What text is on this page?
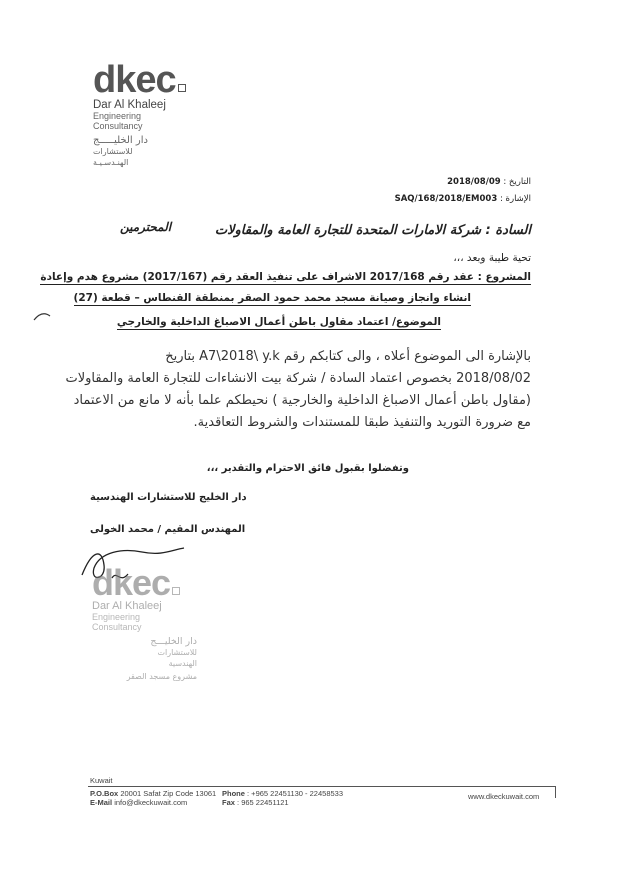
dkec
Dar Al Khaleej
Engineering
Consultancy
دار الخليـــــج
للاستشارات
الهنـدسـيـة
التاريخ : 2018/08/09
الإشارة : SAQ/168/2018/EM003
السادة : شركة الامارات المتحدة للتجارة العامة والمقاولات
المحترمين
تحية طيبة وبعد ،،،
المشروع : عقد رقم 2017/168 الاشراف على تنفيذ العقد رقم (2017/167) مشروع هدم وإعادة
انشاء وانجاز وصيانة مسجد محمد حمود الصقر بمنطقة القنطاس – قطعة (27)
الموضوع/ اعتماد مقاول باطن أعمال الاصباغ الداخلية والخارجي
بالإشارة الى الموضوع أعلاه ، والى كتابكم رقم A7\2018\ y.k بتاريخ
2018/08/02 بخصوص اعتماد السادة / شركة بيت الانشاءات للتجارة العامة والمقاولات
(مقاول باطن أعمال الاصباغ الداخلية والخارجية ) نحيطكم علما بأنه لا مانع من الاعتماد
مع ضرورة التوريد والتنفيذ طبقا للمستندات والشروط التعاقدية.
وتفضلوا بقبول فائق الاحترام والتقدير ،،،
دار الخليج للاستشارات الهندسية
المهندس المقيم / محمد الخولى
dkec
Dar Al Khaleej
Engineering
Consultancy
دار الخليـــج
للاستشارات
الهندسية
مشروع مسجد الصقر
Kuwait
P.O.Box 20001 Safat Zip Code 13061
E-Mail info@dkeckuwait.com
Phone : +965 22451130 - 22458533
Fax : 965 22451121
www.dkeckuwait.com
